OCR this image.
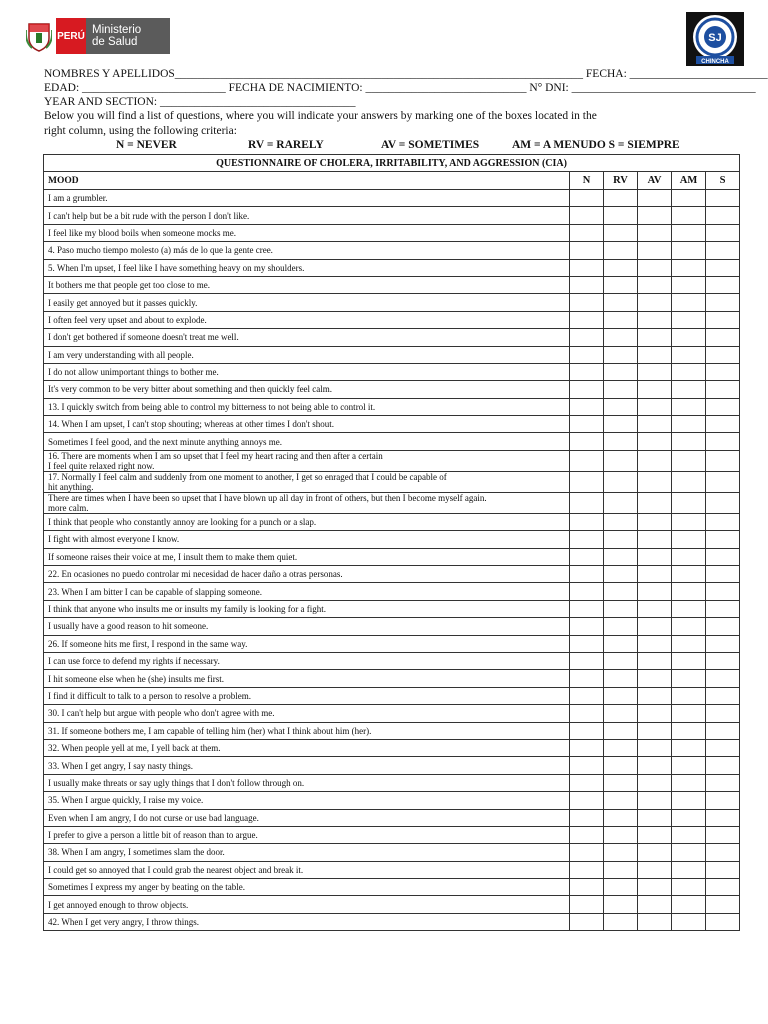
PERÚ Ministerio
de Salud	SJ
CHINCHA
NOMBRES Y APELLIDOS_______________________________________________________________________ FECHA: ________________________
EDAD: _________________________ FECHA DE NACIMIENTO: ____________________________ N° DNI: ________________________________
YEAR AND SECTION: __________________________________
Below you will find a list of questions, where you will indicate your answers by marking one of the boxes located in the
right column, using the following criteria:
N = NEVER	RV = RARELY	AV = SOMETIMES	AM = A MENUDO S = SIEMPRE
QUESTIONNAIRE OF CHOLERA, IRRITABILITY, AND AGGRESSION (CIA)					
MOOD	N	RV	AV	AM	S
I am a grumbler.					
I can't help but be a bit rude with the person I don't like.					
I feel like my blood boils when someone mocks me.					
4. Paso mucho tiempo molesto (a) más de lo que la gente cree.					
5. When I'm upset, I feel like I have something heavy on my shoulders.					
It bothers me that people get too close to me.					
I easily get annoyed but it passes quickly.					
I often feel very upset and about to explode.					
I don't get bothered if someone doesn't treat me well.					
I am very understanding with all people.					
I do not allow unimportant things to bother me.					
It's very common to be very bitter about something and then quickly feel calm.					
13. I quickly switch from being able to control my bitterness to not being able to control it.					
14. When I am upset, I can't stop shouting; whereas at other times I don't shout.					
Sometimes I feel good, and the next minute anything annoys me.					
16. There are moments when I am so upset that I feel my heart racing and then after a certain
I feel quite relaxed right now.					
17. Normally I feel calm and suddenly from one moment to another, I get so enraged that I could be capable of
hit anything.					
There are times when I have been so upset that I have blown up all day in front of others, but then I become myself again.
more calm.					
I think that people who constantly annoy are looking for a punch or a slap.					
I fight with almost everyone I know.					
If someone raises their voice at me, I insult them to make them quiet.					
22. En ocasiones no puedo controlar mi necesidad de hacer daño a otras personas.					
23. When I am bitter I can be capable of slapping someone.					
I think that anyone who insults me or insults my family is looking for a fight.					
I usually have a good reason to hit someone.					
26. If someone hits me first, I respond in the same way.					
I can use force to defend my rights if necessary.					
I hit someone else when he (she) insults me first.					
I find it difficult to talk to a person to resolve a problem.					
30. I can't help but argue with people who don't agree with me.					
31. If someone bothers me, I am capable of telling him (her) what I think about him (her).					
32. When people yell at me, I yell back at them.					
33. When I get angry, I say nasty things.					
I usually make threats or say ugly things that I don't follow through on.					
35. When I argue quickly, I raise my voice.					
Even when I am angry, I do not curse or use bad language.					
I prefer to give a person a little bit of reason than to argue.					
38. When I am angry, I sometimes slam the door.					
I could get so annoyed that I could grab the nearest object and break it.					
Sometimes I express my anger by beating on the table.					
I get annoyed enough to throw objects.					
42. When I get very angry, I throw things.					
